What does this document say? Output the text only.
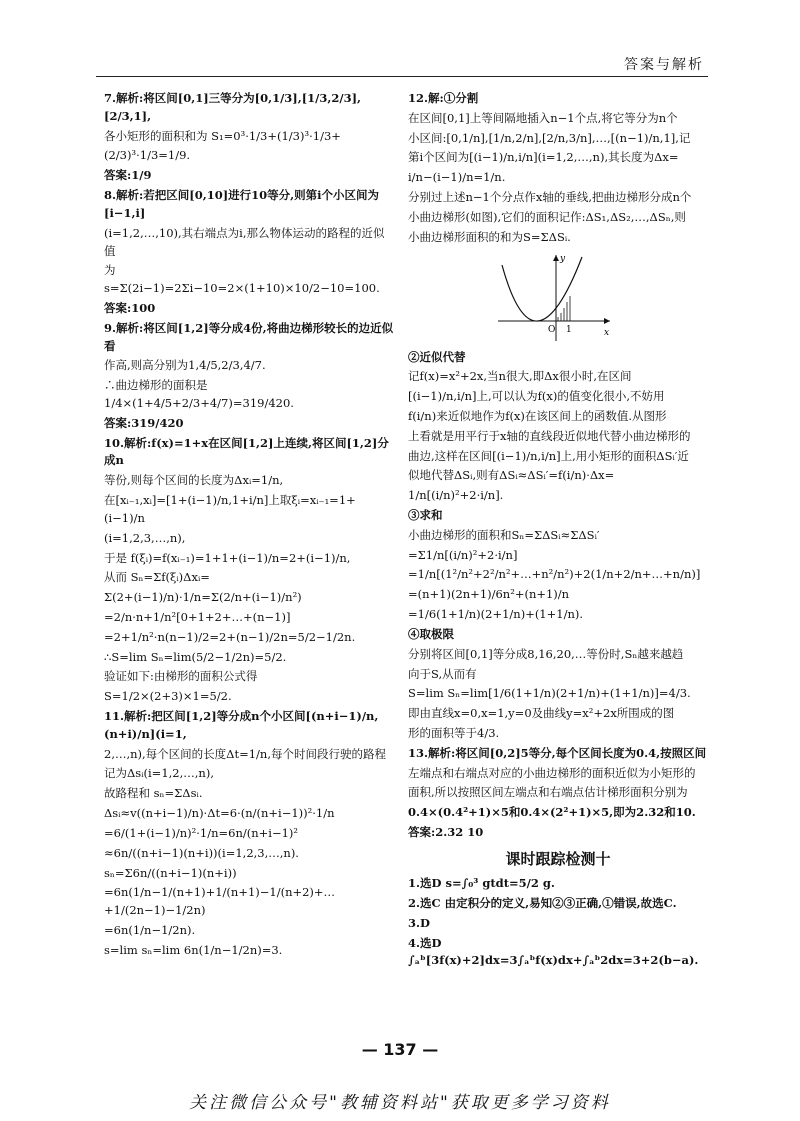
答案与解析
7.解析:将区间[0,1]三等分为[0,1/3],[1/3,2/3],[2/3,1],
各小矩形的面积和为 S₁=0³·1/3+(1/3)³·1/3+
(2/3)³·1/3=1/9.
答案:1/9
8.解析:若把区间[0,10]进行10等分,则第i个小区间为[i−1,i]
(i=1,2,…,10),其右端点为i,那么物体运动的路程的近似值
为 s=Σ(2i−1)=2Σi−10=2×(1+10)×10/2−10=100.
答案:100
9.解析:将区间[1,2]等分成4份,将曲边梯形较长的边近似看
作高,则高分别为1,4/5,2/3,4/7.
∴曲边梯形的面积是1/4×(1+4/5+2/3+4/7)=319/420.
答案:319/420
10.解析:f(x)=1+x在区间[1,2]上连续,将区间[1,2]分成n
等份,则每个区间的长度为Δxᵢ=1/n,
在[xᵢ₋₁,xᵢ]=[1+(i−1)/n,1+i/n]上取ξᵢ=xᵢ₋₁=1+(i−1)/n
(i=1,2,3,…,n),
于是 f(ξᵢ)=f(xᵢ₋₁)=1+1+(i−1)/n=2+(i−1)/n,
从而 Sₙ=Σf(ξᵢ)Δxᵢ=
Σ(2+(i−1)/n)·1/n=Σ(2/n+(i−1)/n²)
=2/n·n+1/n²[0+1+2+…+(n−1)]
=2+1/n²·n(n−1)/2=2+(n−1)/2n=5/2−1/2n.
∴S=lim Sₙ=lim(5/2−1/2n)=5/2.
验证如下:由梯形的面积公式得
S=1/2×(2+3)×1=5/2.
11.解析:把区间[1,2]等分成n个小区间[(n+i−1)/n,(n+i)/n](i=1,
2,…,n),每个区间的长度Δt=1/n,每个时间段行驶的路程
记为Δsᵢ(i=1,2,…,n),
故路程和 sₙ=ΣΔsᵢ.
Δsᵢ≈v((n+i−1)/n)·Δt=6·(n/(n+i−1))²·1/n
=6/(1+(i−1)/n)²·1/n=6n/(n+i−1)²
≈6n/((n+i−1)(n+i))(i=1,2,3,…,n).
sₙ=Σ6n/((n+i−1)(n+i))
=6n(1/n−1/(n+1)+1/(n+1)−1/(n+2)+…+1/(2n−1)−1/2n)
=6n(1/n−1/2n).
s=lim sₙ=lim 6n(1/n−1/2n)=3.
12.解:①分割
在区间[0,1]上等间隔地插入n−1个点,将它等分为n个
小区间:[0,1/n],[1/n,2/n],[2/n,3/n],…,[(n−1)/n,1],记
第i个区间为[(i−1)/n,i/n](i=1,2,…,n),其长度为Δx=
i/n−(i−1)/n=1/n.
分别过上述n−1个分点作x轴的垂线,把曲边梯形分成n个
小曲边梯形(如图),它们的面积记作:ΔS₁,ΔS₂,…,ΔSₙ,则
小曲边梯形面积的和为S=ΣΔSᵢ.
y
x
O 1
②近似代替
记f(x)=x²+2x,当n很大,即Δx很小时,在区间
[(i−1)/n,i/n]上,可以认为f(x)的值变化很小,不妨用
f(i/n)来近似地作为f(x)在该区间上的函数值.从图形
上看就是用平行于x轴的直线段近似地代替小曲边梯形的
曲边,这样在区间[(i−1)/n,i/n]上,用小矩形的面积ΔSᵢ′近
似地代替ΔSᵢ,则有ΔSᵢ≈ΔSᵢ′=f(i/n)·Δx=
1/n[(i/n)²+2·i/n].
③求和
小曲边梯形的面积和Sₙ=ΣΔSᵢ≈ΣΔSᵢ′
=Σ1/n[(i/n)²+2·i/n]
=1/n[(1²/n²+2²/n²+…+n²/n²)+2(1/n+2/n+…+n/n)]
=(n+1)(2n+1)/6n²+(n+1)/n
=1/6(1+1/n)(2+1/n)+(1+1/n).
④取极限
分别将区间[0,1]等分成8,16,20,…等份时,Sₙ越来越趋
向于S,从而有
S=lim Sₙ=lim[1/6(1+1/n)(2+1/n)+(1+1/n)]=4/3.
即由直线x=0,x=1,y=0及曲线y=x²+2x所围成的图
形的面积等于4/3.
13.解析:将区间[0,2]5等分,每个区间长度为0.4,按照区间
左端点和右端点对应的小曲边梯形的面积近似为小矩形的
面积,所以按照区间左端点和右端点估计梯形面积分别为
0.4×(0.4²+1)×5和0.4×(2²+1)×5,即为2.32和10.
答案:2.32 10
课时跟踪检测十
1.选D s=∫₀³ gtdt=5/2 g.
2.选C 由定积分的定义,易知②③正确,①错误,故选C.
3.D
4.选D ∫ₐᵇ[3f(x)+2]dx=3∫ₐᵇf(x)dx+∫ₐᵇ2dx=3+2(b−a).
— 137 —
关注微信公众号"教辅资料站"获取更多学习资料
